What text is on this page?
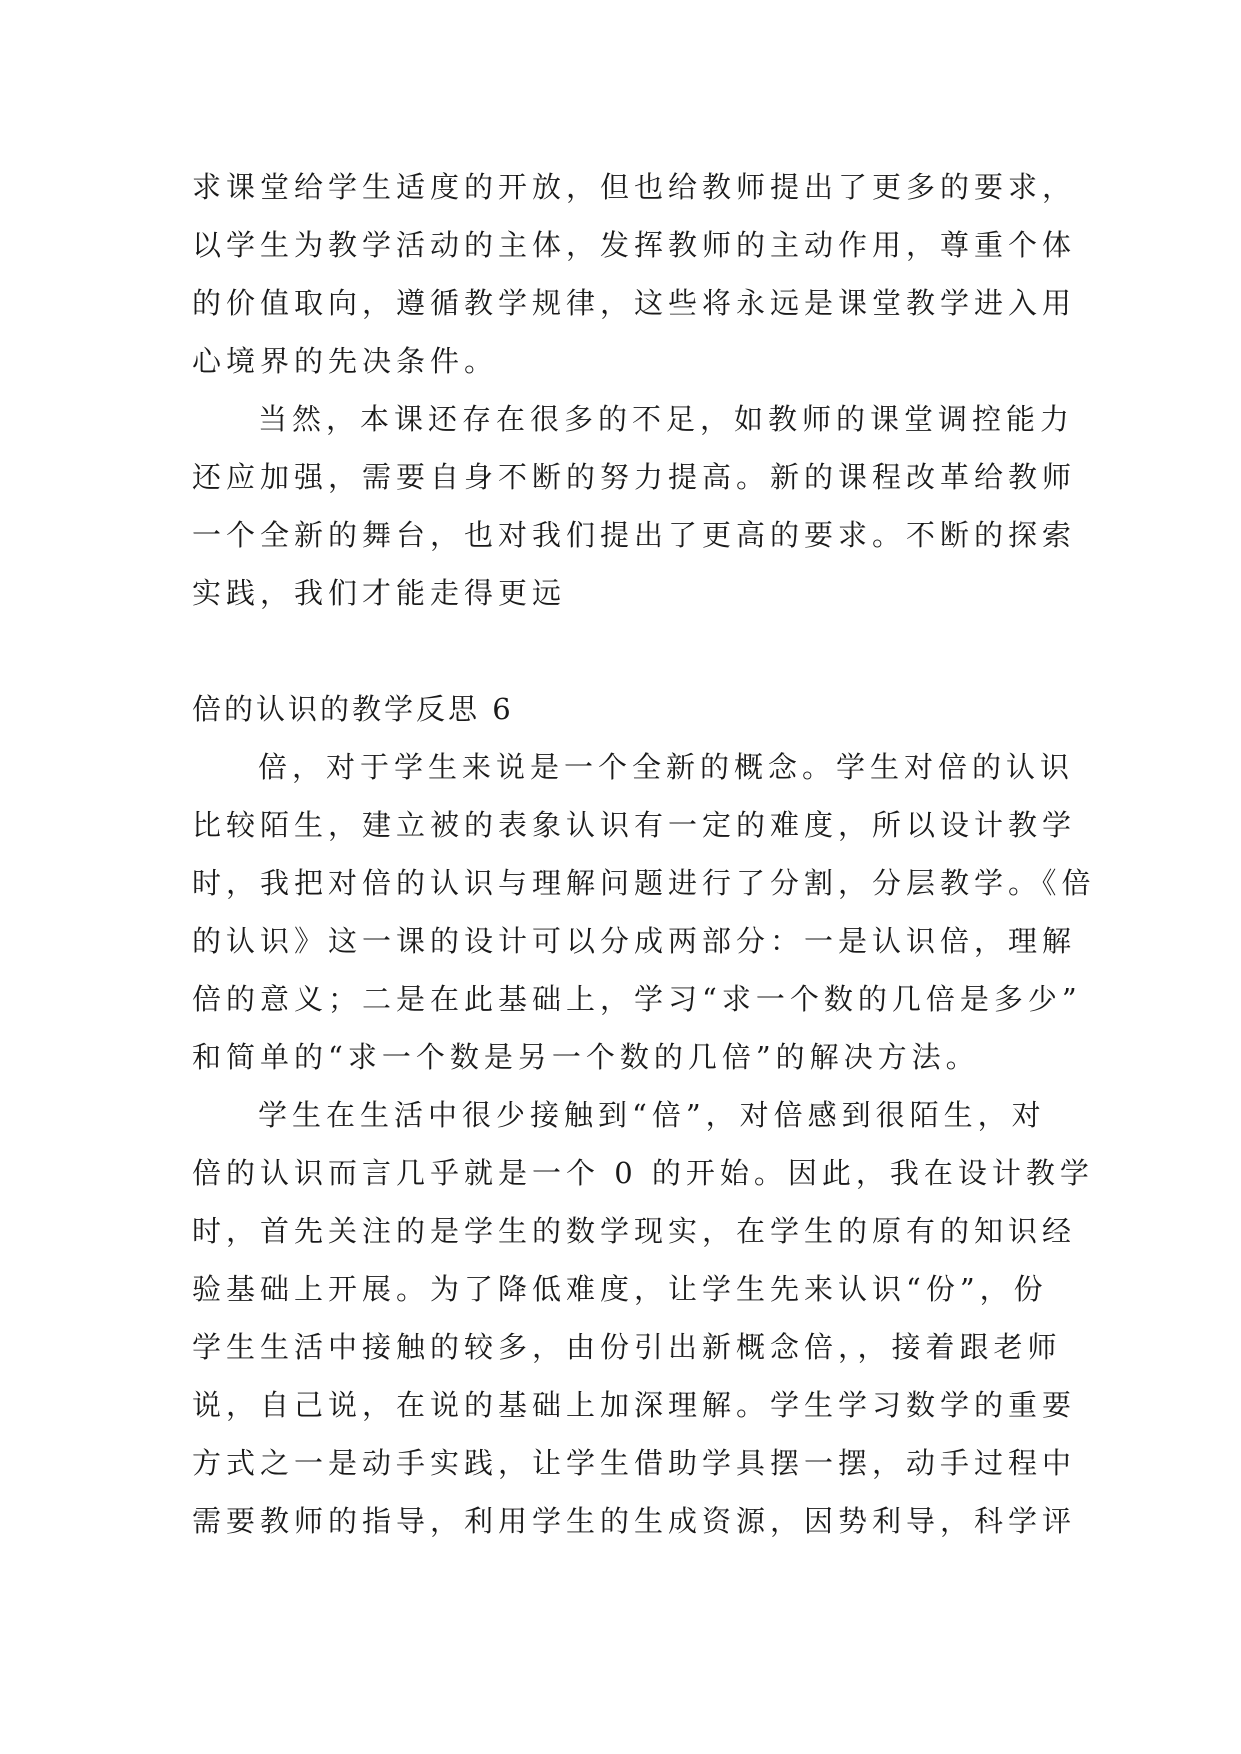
求课堂给学生适度的开放，但也给教师提出了更多的要求，
以学生为教学活动的主体，发挥教师的主动作用，尊重个体
的价值取向，遵循教学规律，这些将永远是课堂教学进入用
心境界的先决条件。
当然，本课还存在很多的不足，如教师的课堂调控能力
还应加强，需要自身不断的努力提高。新的课程改革给教师
一个全新的舞台，也对我们提出了更高的要求。不断的探索
实践，我们才能走得更远
倍的认识的教学反思 6
倍，对于学生来说是一个全新的概念。学生对倍的认识
比较陌生，建立被的表象认识有一定的难度，所以设计教学
时，我把对倍的认识与理解问题进行了分割，分层教学。《倍
的认识》这一课的设计可以分成两部分：一是认识倍，理解
倍的意义；二是在此基础上，学习“求一个数的几倍是多少”
和简单的“求一个数是另一个数的几倍”的解决方法。
学生在生活中很少接触到“倍”，对倍感到很陌生，对
倍的认识而言几乎就是一个 0 的开始。因此，我在设计教学
时，首先关注的是学生的数学现实，在学生的原有的知识经
验基础上开展。为了降低难度，让学生先来认识“份”，份
学生生活中接触的较多，由份引出新概念倍，，接着跟老师
说，自己说，在说的基础上加深理解。学生学习数学的重要
方式之一是动手实践，让学生借助学具摆一摆，动手过程中
需要教师的指导，利用学生的生成资源，因势利导，科学评
